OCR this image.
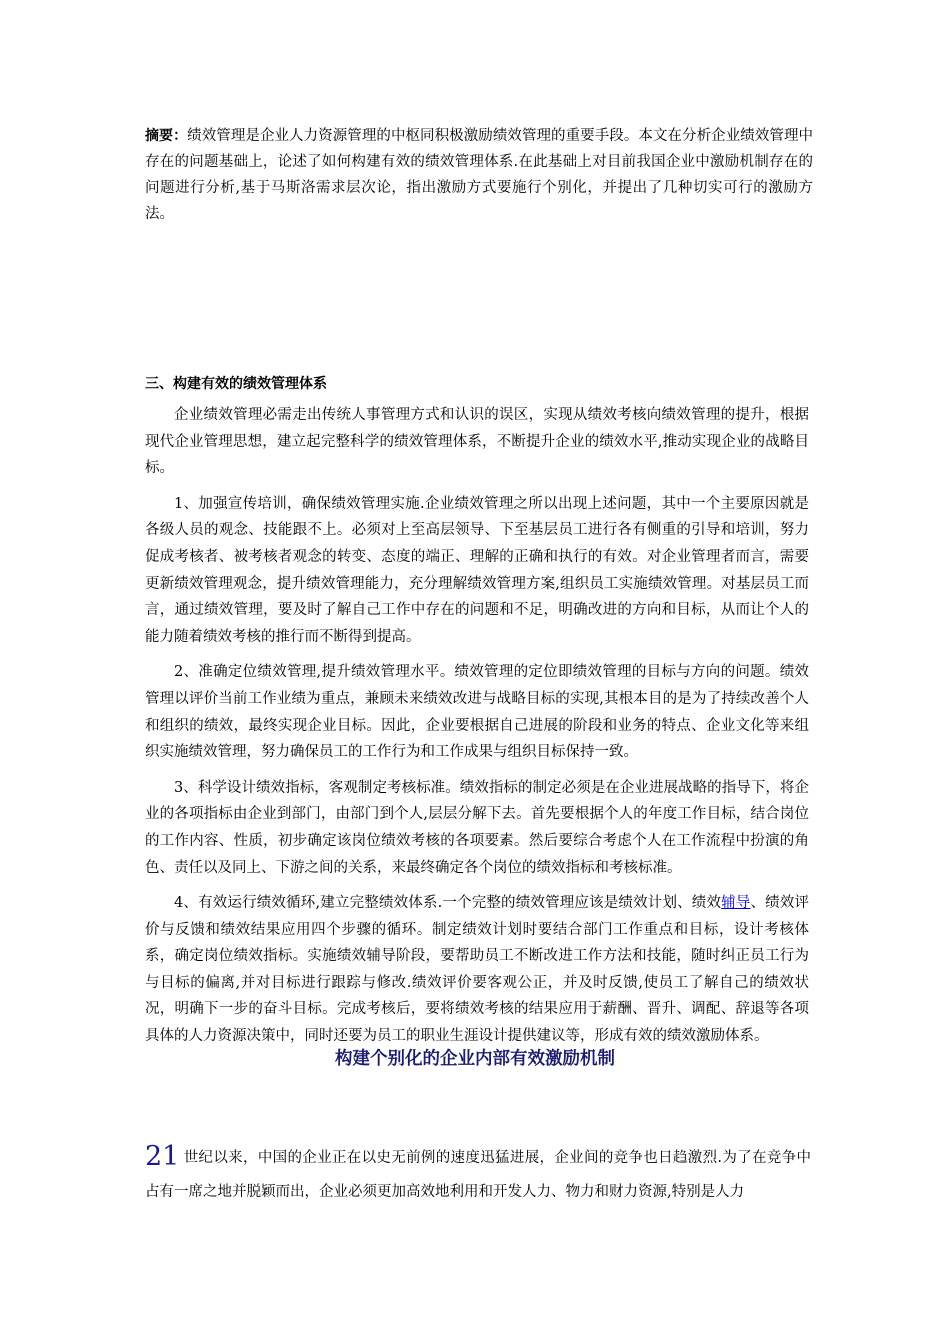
摘要：绩效管理是企业人力资源管理的中枢同积极激励绩效管理的重要手段。本文在分析企业绩效管理中存在的问题基础上，论述了如何构建有效的绩效管理体系.在此基础上对目前我国企业中激励机制存在的问题进行分析,基于马斯洛需求层次论，指出激励方式要施行个别化，并提出了几种切实可行的激励方法。
三、构建有效的绩效管理体系

企业绩效管理必需走出传统人事管理方式和认识的误区，实现从绩效考核向绩效管理的提升，根据现代企业管理思想，建立起完整科学的绩效管理体系，不断提升企业的绩效水平,推动实现企业的战略目标。

1、加强宣传培训，确保绩效管理实施.企业绩效管理之所以出现上述问题，其中一个主要原因就是各级人员的观念、技能跟不上。必须对上至高层领导、下至基层员工进行各有侧重的引导和培训，努力促成考核者、被考核者观念的转变、态度的端正、理解的正确和执行的有效。对企业管理者而言，需要更新绩效管理观念，提升绩效管理能力，充分理解绩效管理方案,组织员工实施绩效管理。对基层员工而言，通过绩效管理，要及时了解自己工作中存在的问题和不足，明确改进的方向和目标，从而让个人的能力随着绩效考核的推行而不断得到提高。

2、准确定位绩效管理,提升绩效管理水平。绩效管理的定位即绩效管理的目标与方向的问题。绩效管理以评价当前工作业绩为重点，兼顾未来绩效改进与战略目标的实现,其根本目的是为了持续改善个人和组织的绩效，最终实现企业目标。因此，企业要根据自己进展的阶段和业务的特点、企业文化等来组织实施绩效管理，努力确保员工的工作行为和工作成果与组织目标保持一致。

3、科学设计绩效指标，客观制定考核标准。绩效指标的制定必须是在企业进展战略的指导下，将企业的各项指标由企业到部门，由部门到个人,层层分解下去。首先要根据个人的年度工作目标，结合岗位的工作内容、性质，初步确定该岗位绩效考核的各项要素。然后要综合考虑个人在工作流程中扮演的角色、责任以及同上、下游之间的关系，来最终确定各个岗位的绩效指标和考核标准。

4、有效运行绩效循环,建立完整绩效体系.一个完整的绩效管理应该是绩效计划、绩效辅导、绩效评价与反馈和绩效结果应用四个步骤的循环。制定绩效计划时要结合部门工作重点和目标，设计考核体系，确定岗位绩效指标。实施绩效辅导阶段，要帮助员工不断改进工作方法和技能，随时纠正员工行为与目标的偏离,并对目标进行跟踪与修改.绩效评价要客观公正，并及时反馈,使员工了解自己的绩效状况，明确下一步的奋斗目标。完成考核后，要将绩效考核的结果应用于薪酬、晋升、调配、辞退等各项具体的人力资源决策中，同时还要为员工的职业生涯设计提供建议等，形成有效的绩效激励体系。

构建个别化的企业内部有效激励机制
21 世纪以来，中国的企业正在以史无前例的速度迅猛进展，企业间的竞争也日趋激烈.为了在竞争中占有一席之地并脱颖而出，企业必须更加高效地利用和开发人力、物力和财力资源,特别是人力
